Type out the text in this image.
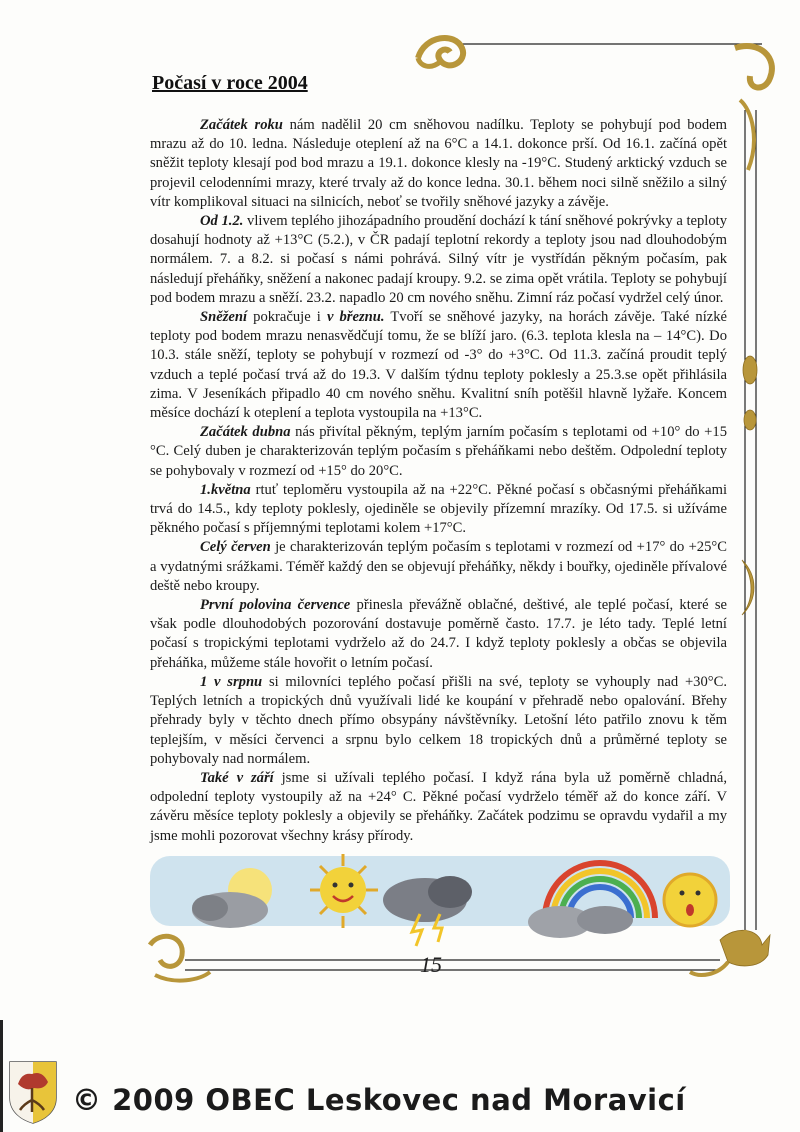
Počasí v roce 2004

Začátek roku nám nadělil 20 cm sněhovou nadílku. Teploty se pohybují pod bodem mrazu až do 10. ledna. Následuje oteplení až na 6°C a 14.1. dokonce prší. Od 16.1. začíná opět sněžit teploty klesají pod bod mrazu a 19.1. dokonce klesly na -19°C. Studený arktický vzduch se projevil celodenními mrazy, které trvaly až do konce ledna. 30.1. během noci silně sněžilo a silný vítr komplikoval situaci na silnicích, neboť se tvořily sněhové jazyky a závěje.

Od 1.2. vlivem teplého jihozápadního proudění dochází k tání sněhové pokrývky a teploty dosahují hodnoty až +13°C (5.2.), v ČR padají teplotní rekordy a teploty jsou nad dlouhodobým normálem. 7. a 8.2. si počasí s námi pohrává. Silný vítr je vystřídán pěkným počasím, pak následují přeháňky, sněžení a nakonec padají kroupy. 9.2. se zima opět vrátila. Teploty se pohybují pod bodem mrazu a sněží. 23.2. napadlo 20 cm nového sněhu. Zimní ráz počasí vydržel celý únor.

Sněžení pokračuje i v březnu. Tvoří se sněhové jazyky, na horách závěje. Také nízké teploty pod bodem mrazu nenasvědčují tomu, že se blíží jaro. (6.3. teplota klesla na – 14°C). Do 10.3. stále sněží, teploty se pohybují v rozmezí od -3° do +3°C. Od 11.3. začíná proudit teplý vzduch a teplé počasí trvá až do 19.3. V dalším týdnu teploty poklesly a 25.3.se opět přihlásila zima. V Jeseníkách připadlo 40 cm nového sněhu. Kvalitní sníh potěšil hlavně lyžaře. Koncem měsíce dochází k oteplení a teplota vystoupila na +13°C.

Začátek dubna nás přivítal pěkným, teplým jarním počasím s teplotami od +10° do +15 °C. Celý duben je charakterizován teplým počasím s přeháňkami nebo deštěm. Odpolední teploty se pohybovaly v rozmezí od +15° do 20°C.

1.května rtuť teploměru vystoupila až na +22°C. Pěkné počasí s občasnými přeháňkami trvá do 14.5., kdy teploty poklesly, ojediněle se objevily přízemní mrazíky. Od 17.5. si užíváme pěkného počasí s příjemnými teplotami kolem +17°C.

Celý červen je charakterizován teplým počasím s teplotami v rozmezí od +17° do +25°C a vydatnými srážkami. Téměř každý den se objevují přeháňky, někdy i bouřky, ojediněle přívalové deště nebo kroupy.

První polovina července přinesla převážně oblačné, deštivé, ale teplé počasí, které se však podle dlouhodobých pozorování dostavuje poměrně často. 17.7. je léto tady. Teplé letní počasí s tropickými teplotami vydrželo až do 24.7. I když teploty poklesly a občas se objevila přeháňka, můžeme stále hovořit o letním počasí.

1 v srpnu si milovníci teplého počasí přišli na své, teploty se vyhouply nad +30°C. Teplých letních a tropických dnů využívali lidé ke koupání v přehradě nebo opalování. Břehy přehrady byly v těchto dnech přímo obsypány návštěvníky. Letošní léto patřilo znovu k těm teplejším, v měsíci červenci a srpnu bylo celkem 18 tropických dnů a průměrné teploty se pohybovaly nad normálem.

Také v září jsme si užívali teplého počasí. I když rána byla už poměrně chladná, odpolední teploty vystoupily až na +24° C. Pěkné počasí vydrželo téměř až do konce září. V závěru měsíce teploty poklesly a objevily se přeháňky. Začátek podzimu se opravdu vydařil a my jsme mohli pozorovat všechny krásy přírody.

15
© 2009 OBEC Leskovec nad Moravicí
